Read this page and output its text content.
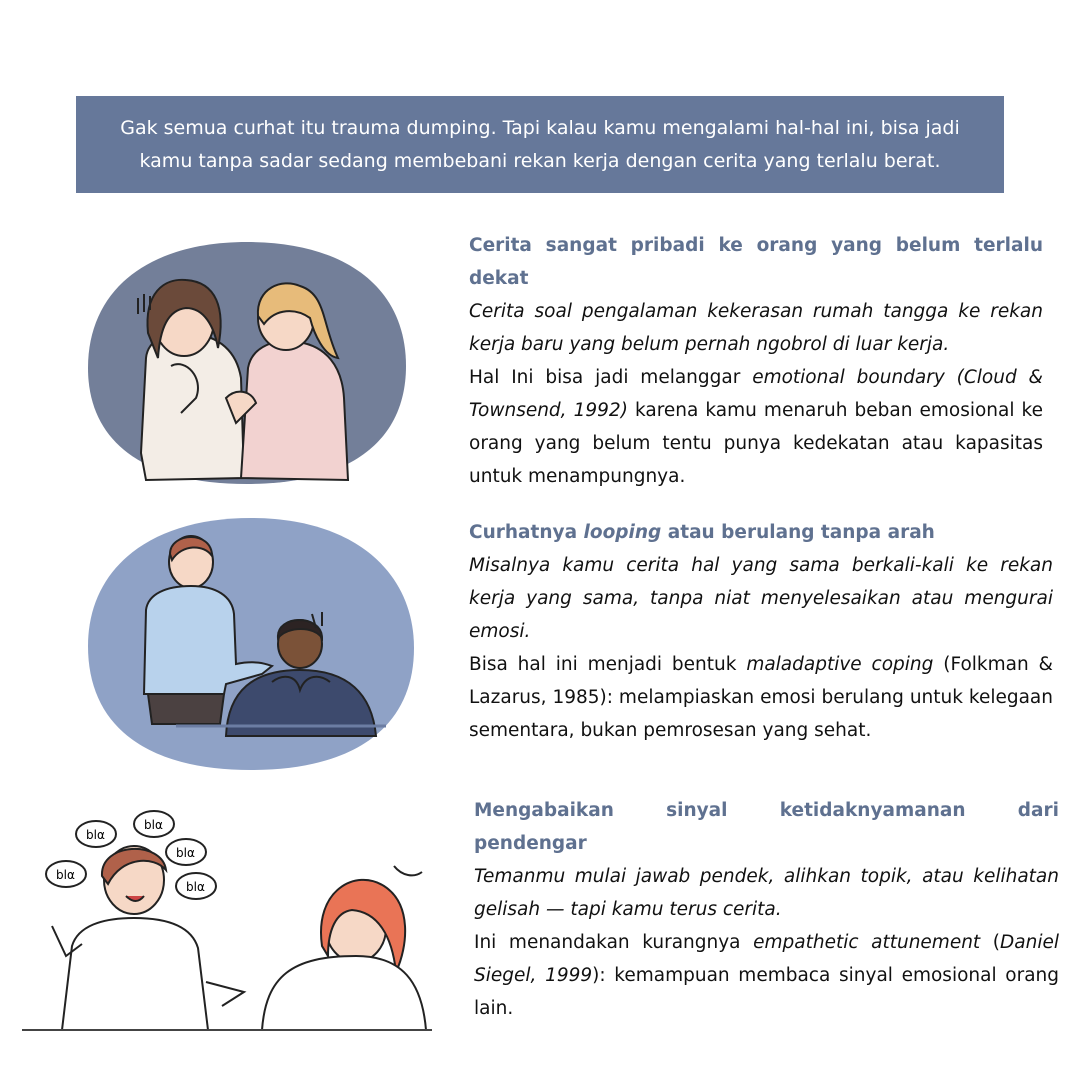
Gak semua curhat itu trauma dumping. Tapi kalau kamu mengalami hal-hal ini, bisa jadi
kamu tanpa sadar sedang membebani rekan kerja dengan cerita yang terlalu berat.
blα
blα
blα
blα
blα
Cerita sangat pribadi ke orang yang belum terlalu dekat

Cerita soal pengalaman kekerasan rumah tangga ke rekan kerja baru yang belum pernah ngobrol di luar kerja.

Hal Ini bisa jadi melanggar emotional boundary (Cloud & Townsend, 1992) karena kamu menaruh beban emosional ke orang yang belum tentu punya kedekatan atau kapasitas untuk menampungnya.

Curhatnya looping atau berulang tanpa arah

Misalnya kamu cerita hal yang sama berkali-kali ke rekan kerja yang sama, tanpa niat menyelesaikan atau mengurai emosi.

Bisa hal ini menjadi bentuk maladaptive coping (Folkman & Lazarus, 1985): melampiaskan emosi berulang untuk kelegaan sementara, bukan pemrosesan yang sehat.

Mengabaikan sinyal ketidaknyamanan dari
pendengar

Temanmu mulai jawab pendek, alihkan topik, atau kelihatan gelisah — tapi kamu terus cerita.

Ini menandakan kurangnya empathetic attunement (Daniel Siegel, 1999): kemampuan membaca sinyal emosional orang lain.
